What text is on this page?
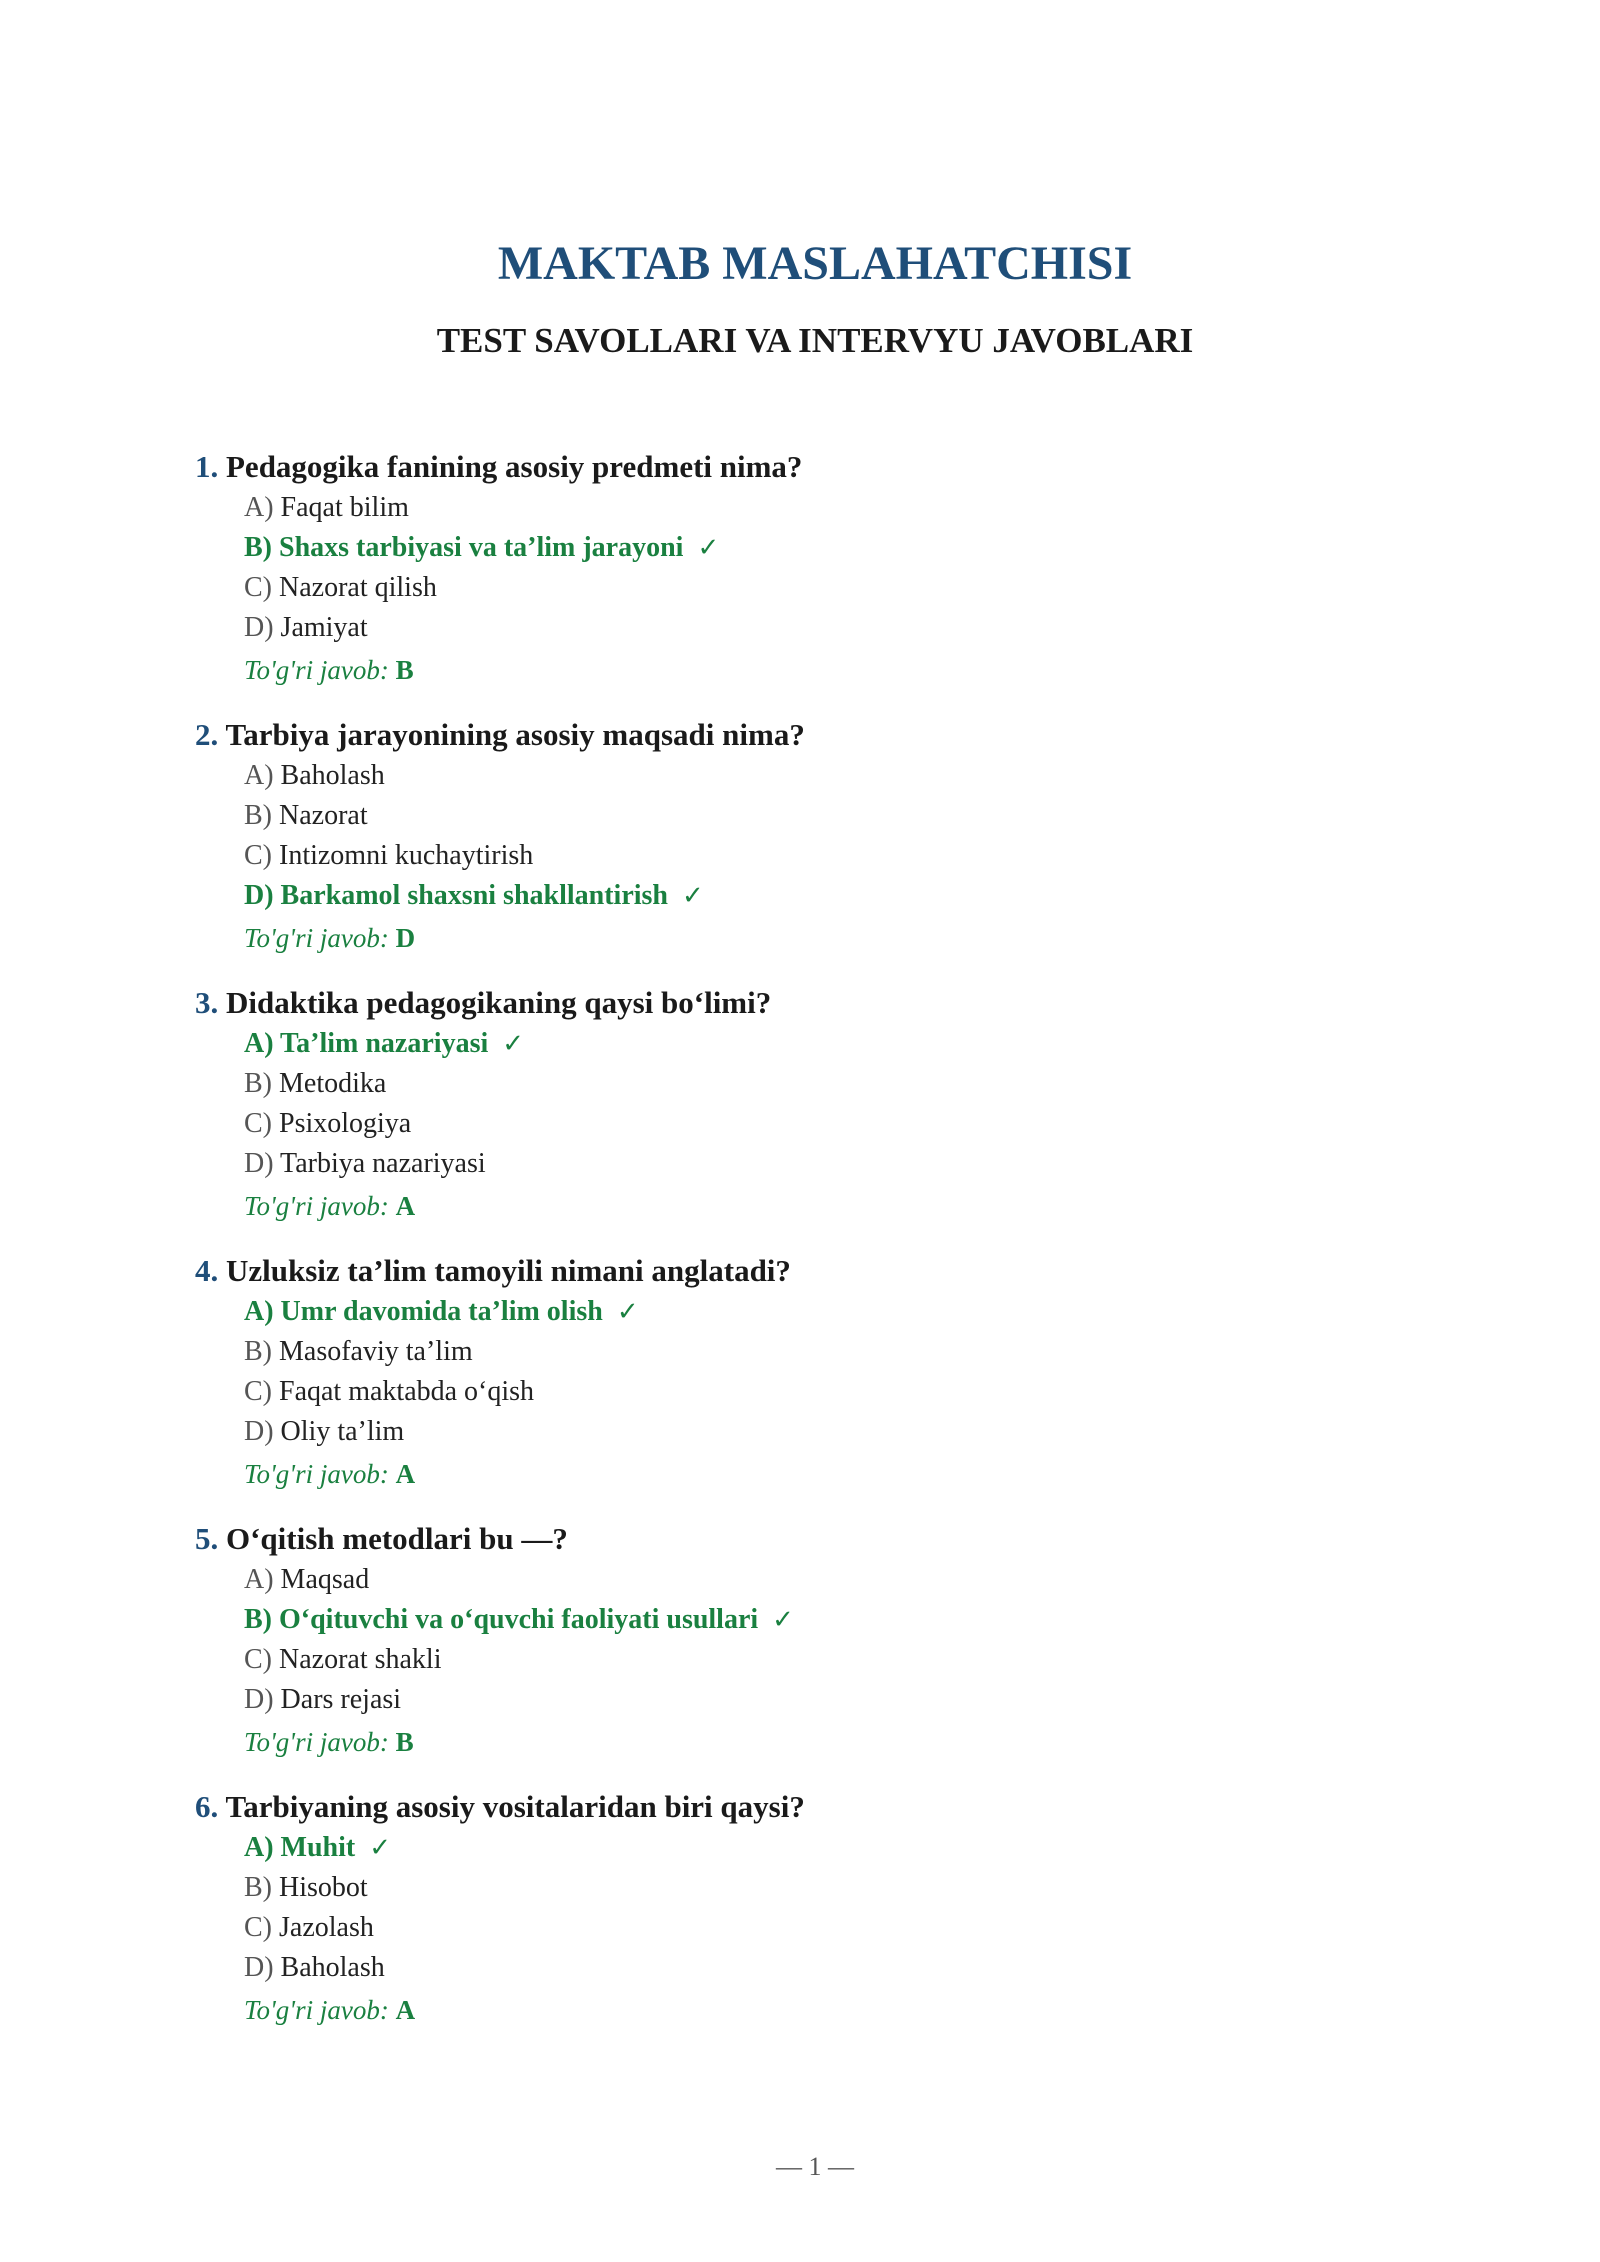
MAKTAB MASLAHATCHISI
TEST SAVOLLARI VA INTERVYU JAVOBLARI
1. Pedagogika fanining asosiy predmeti nima?
A) Faqat bilim
B) Shaxs tarbiyasi va ta’lim jarayoni ✓
C) Nazorat qilish
D) Jamiyat
To'g'ri javob: B
2. Tarbiya jarayonining asosiy maqsadi nima?
A) Baholash
B) Nazorat
C) Intizomni kuchaytirish
D) Barkamol shaxsni shakllantirish ✓
To'g'ri javob: D
3. Didaktika pedagogikaning qaysi bo‘limi?
A) Ta’lim nazariyasi ✓
B) Metodika
C) Psixologiya
D) Tarbiya nazariyasi
To'g'ri javob: A
4. Uzluksiz ta’lim tamoyili nimani anglatadi?
A) Umr davomida ta’lim olish ✓
B) Masofaviy ta’lim
C) Faqat maktabda o‘qish
D) Oliy ta’lim
To'g'ri javob: A
5. O‘qitish metodlari bu —?
A) Maqsad
B) O‘qituvchi va o‘quvchi faoliyati usullari ✓
C) Nazorat shakli
D) Dars rejasi
To'g'ri javob: B
6. Tarbiyaning asosiy vositalaridan biri qaysi?
A) Muhit ✓
B) Hisobot
C) Jazolash
D) Baholash
To'g'ri javob: A
— 1 —
